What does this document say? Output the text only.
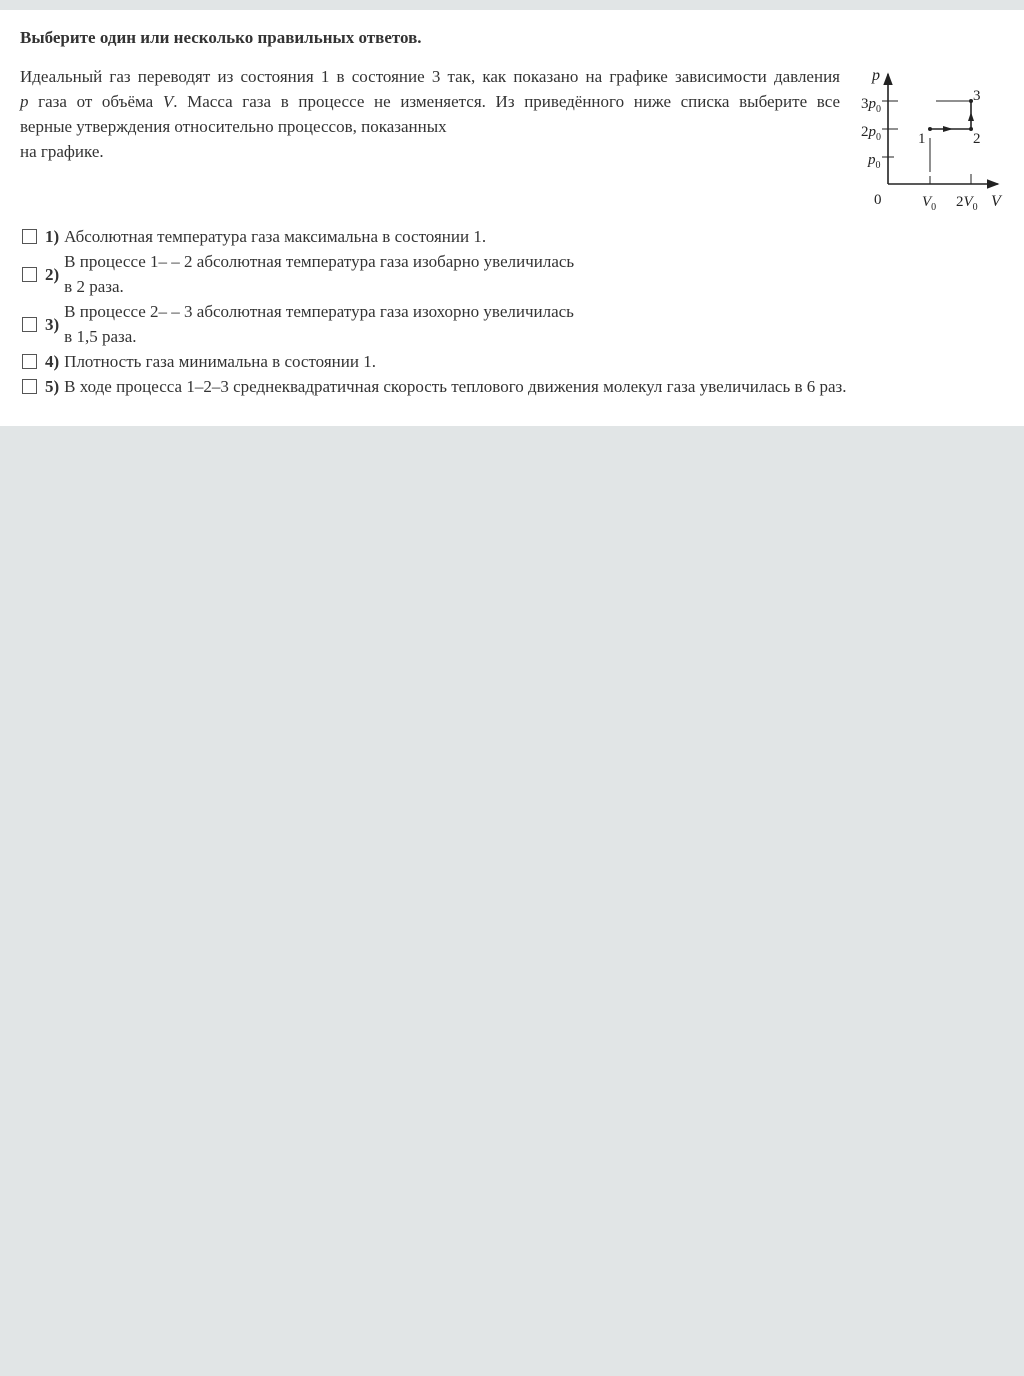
Выберите один или несколько правильных ответов.
Идеальный газ переводят из состояния 1 в состояние 3 так, как показано на графике зависимости давления
p газа от объёма V. Масса газа в процессе не изменяется. Из приведённого ниже списка выберите все
верные утверждения относительно процессов, показанных
на графике.
p
V
0
$3p_0$
$2p_0$
$p_0$
$V_0$ $2V_0$
1	2
3
1) Абсолютная температура газа максимальна в состоянии 1.
2)
В процессе 1– – 2 абсолютная температура газа изобарно увеличилась
в 2 раза.
3)
В процессе 2– – 3 абсолютная температура газа изохорно увеличилась
в 1,5 раза.
4) Плотность газа минимальна в состоянии 1.
5) В ходе процесса 1–2–3 среднеквадратичная скорость теплового движения молекул газа увеличилась в 6 раз.
